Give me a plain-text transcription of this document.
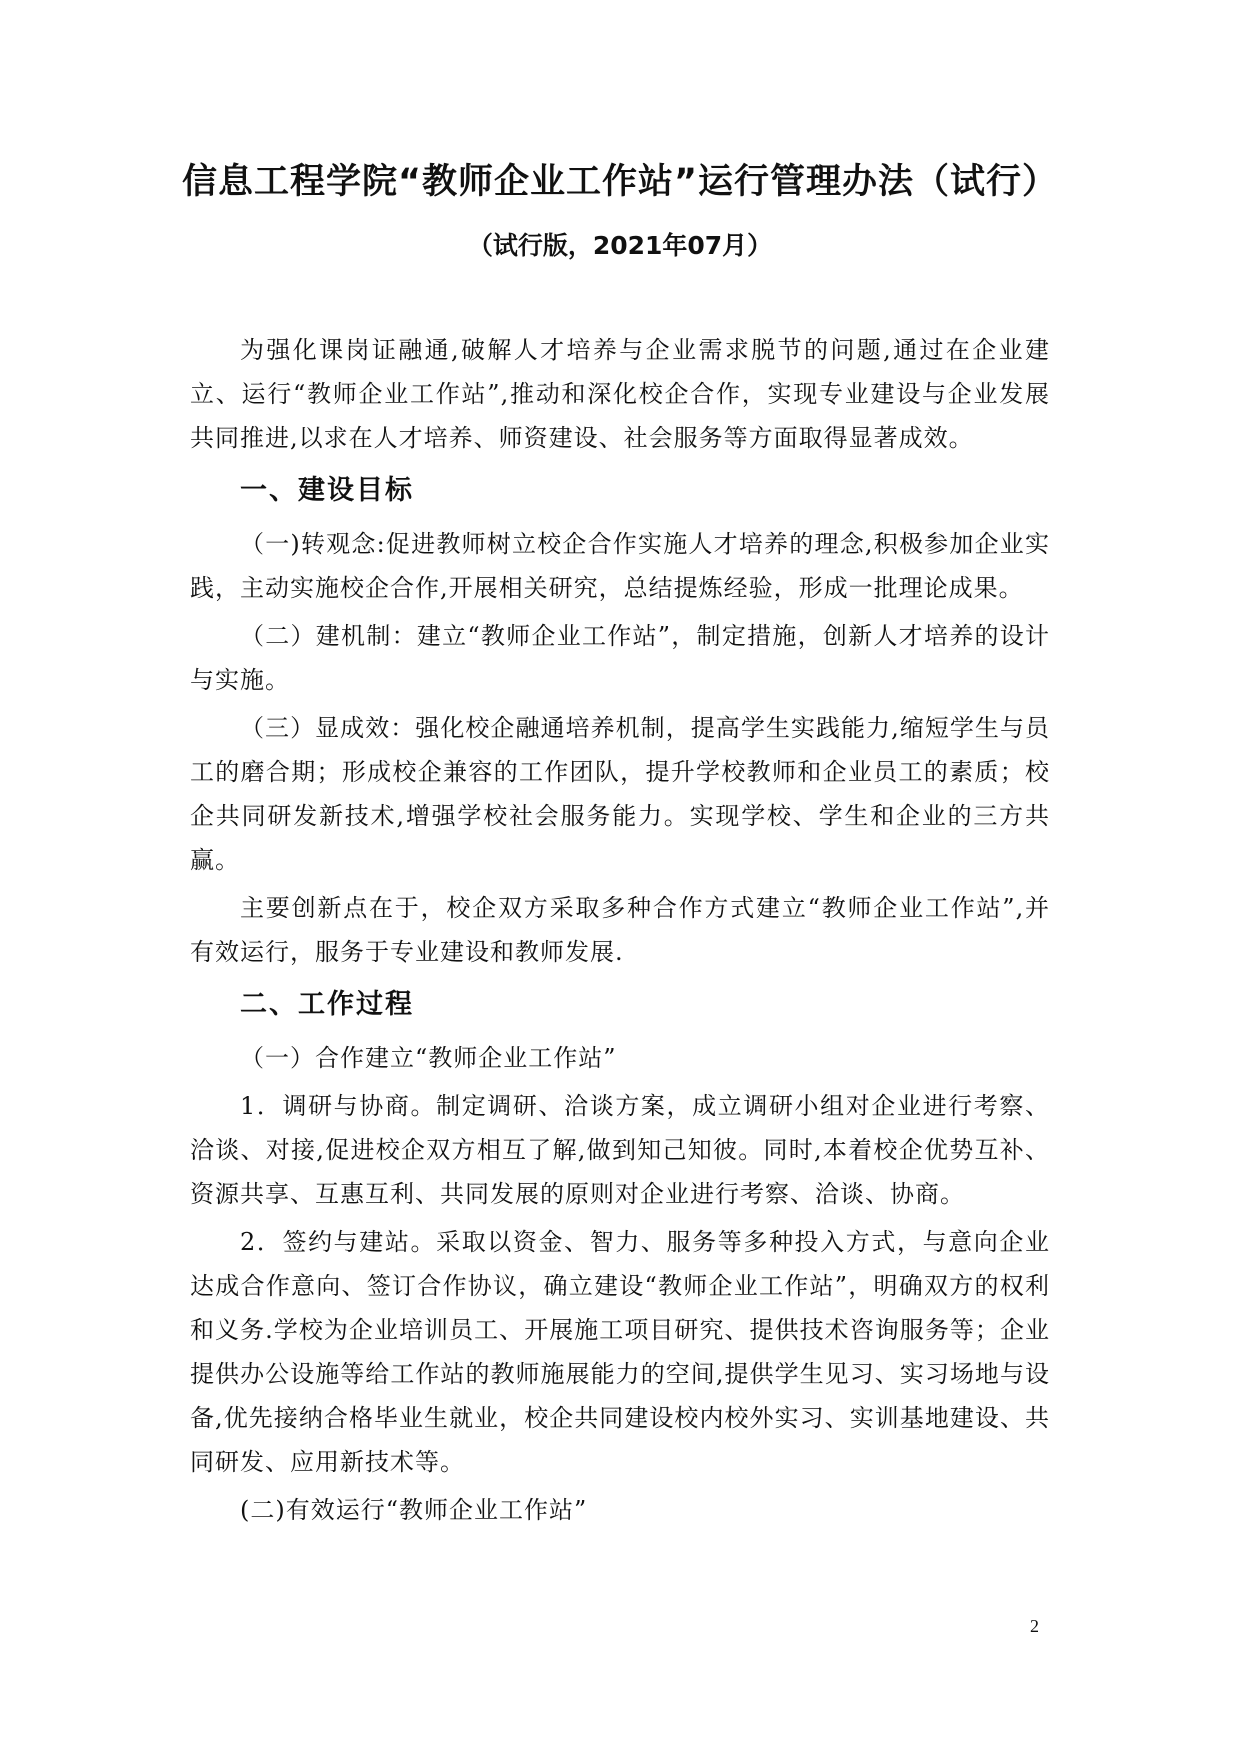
信息工程学院“教师企业工作站”运行管理办法（试行）
（试行版，2021年07月）

为强化课岗证融通,破解人才培养与企业需求脱节的问题,通过在企业建立、运行“教师企业工作站”,推动和深化校企合作，实现专业建设与企业发展共同推进,以求在人才培养、师资建设、社会服务等方面取得显著成效。

一、建设目标

（一)转观念:促进教师树立校企合作实施人才培养的理念,积极参加企业实践，主动实施校企合作,开展相关研究，总结提炼经验，形成一批理论成果。

（二）建机制：建立“教师企业工作站”，制定措施，创新人才培养的设计与实施。

（三）显成效：强化校企融通培养机制，提高学生实践能力,缩短学生与员工的磨合期；形成校企兼容的工作团队，提升学校教师和企业员工的素质；校企共同研发新技术,增强学校社会服务能力。实现学校、学生和企业的三方共赢。

主要创新点在于，校企双方采取多种合作方式建立“教师企业工作站”,并有效运行，服务于专业建设和教师发展.

二、工作过程

（一）合作建立“教师企业工作站”

1．调研与协商。制定调研、洽谈方案，成立调研小组对企业进行考察、洽谈、对接,促进校企双方相互了解,做到知己知彼。同时,本着校企优势互补、资源共享、互惠互利、共同发展的原则对企业进行考察、洽谈、协商。

2．签约与建站。采取以资金、智力、服务等多种投入方式，与意向企业达成合作意向、签订合作协议，确立建设“教师企业工作站”，明确双方的权利和义务.学校为企业培训员工、开展施工项目研究、提供技术咨询服务等；企业提供办公设施等给工作站的教师施展能力的空间,提供学生见习、实习场地与设备,优先接纳合格毕业生就业，校企共同建设校内校外实习、实训基地建设、共同研发、应用新技术等。

(二)有效运行“教师企业工作站”

2
